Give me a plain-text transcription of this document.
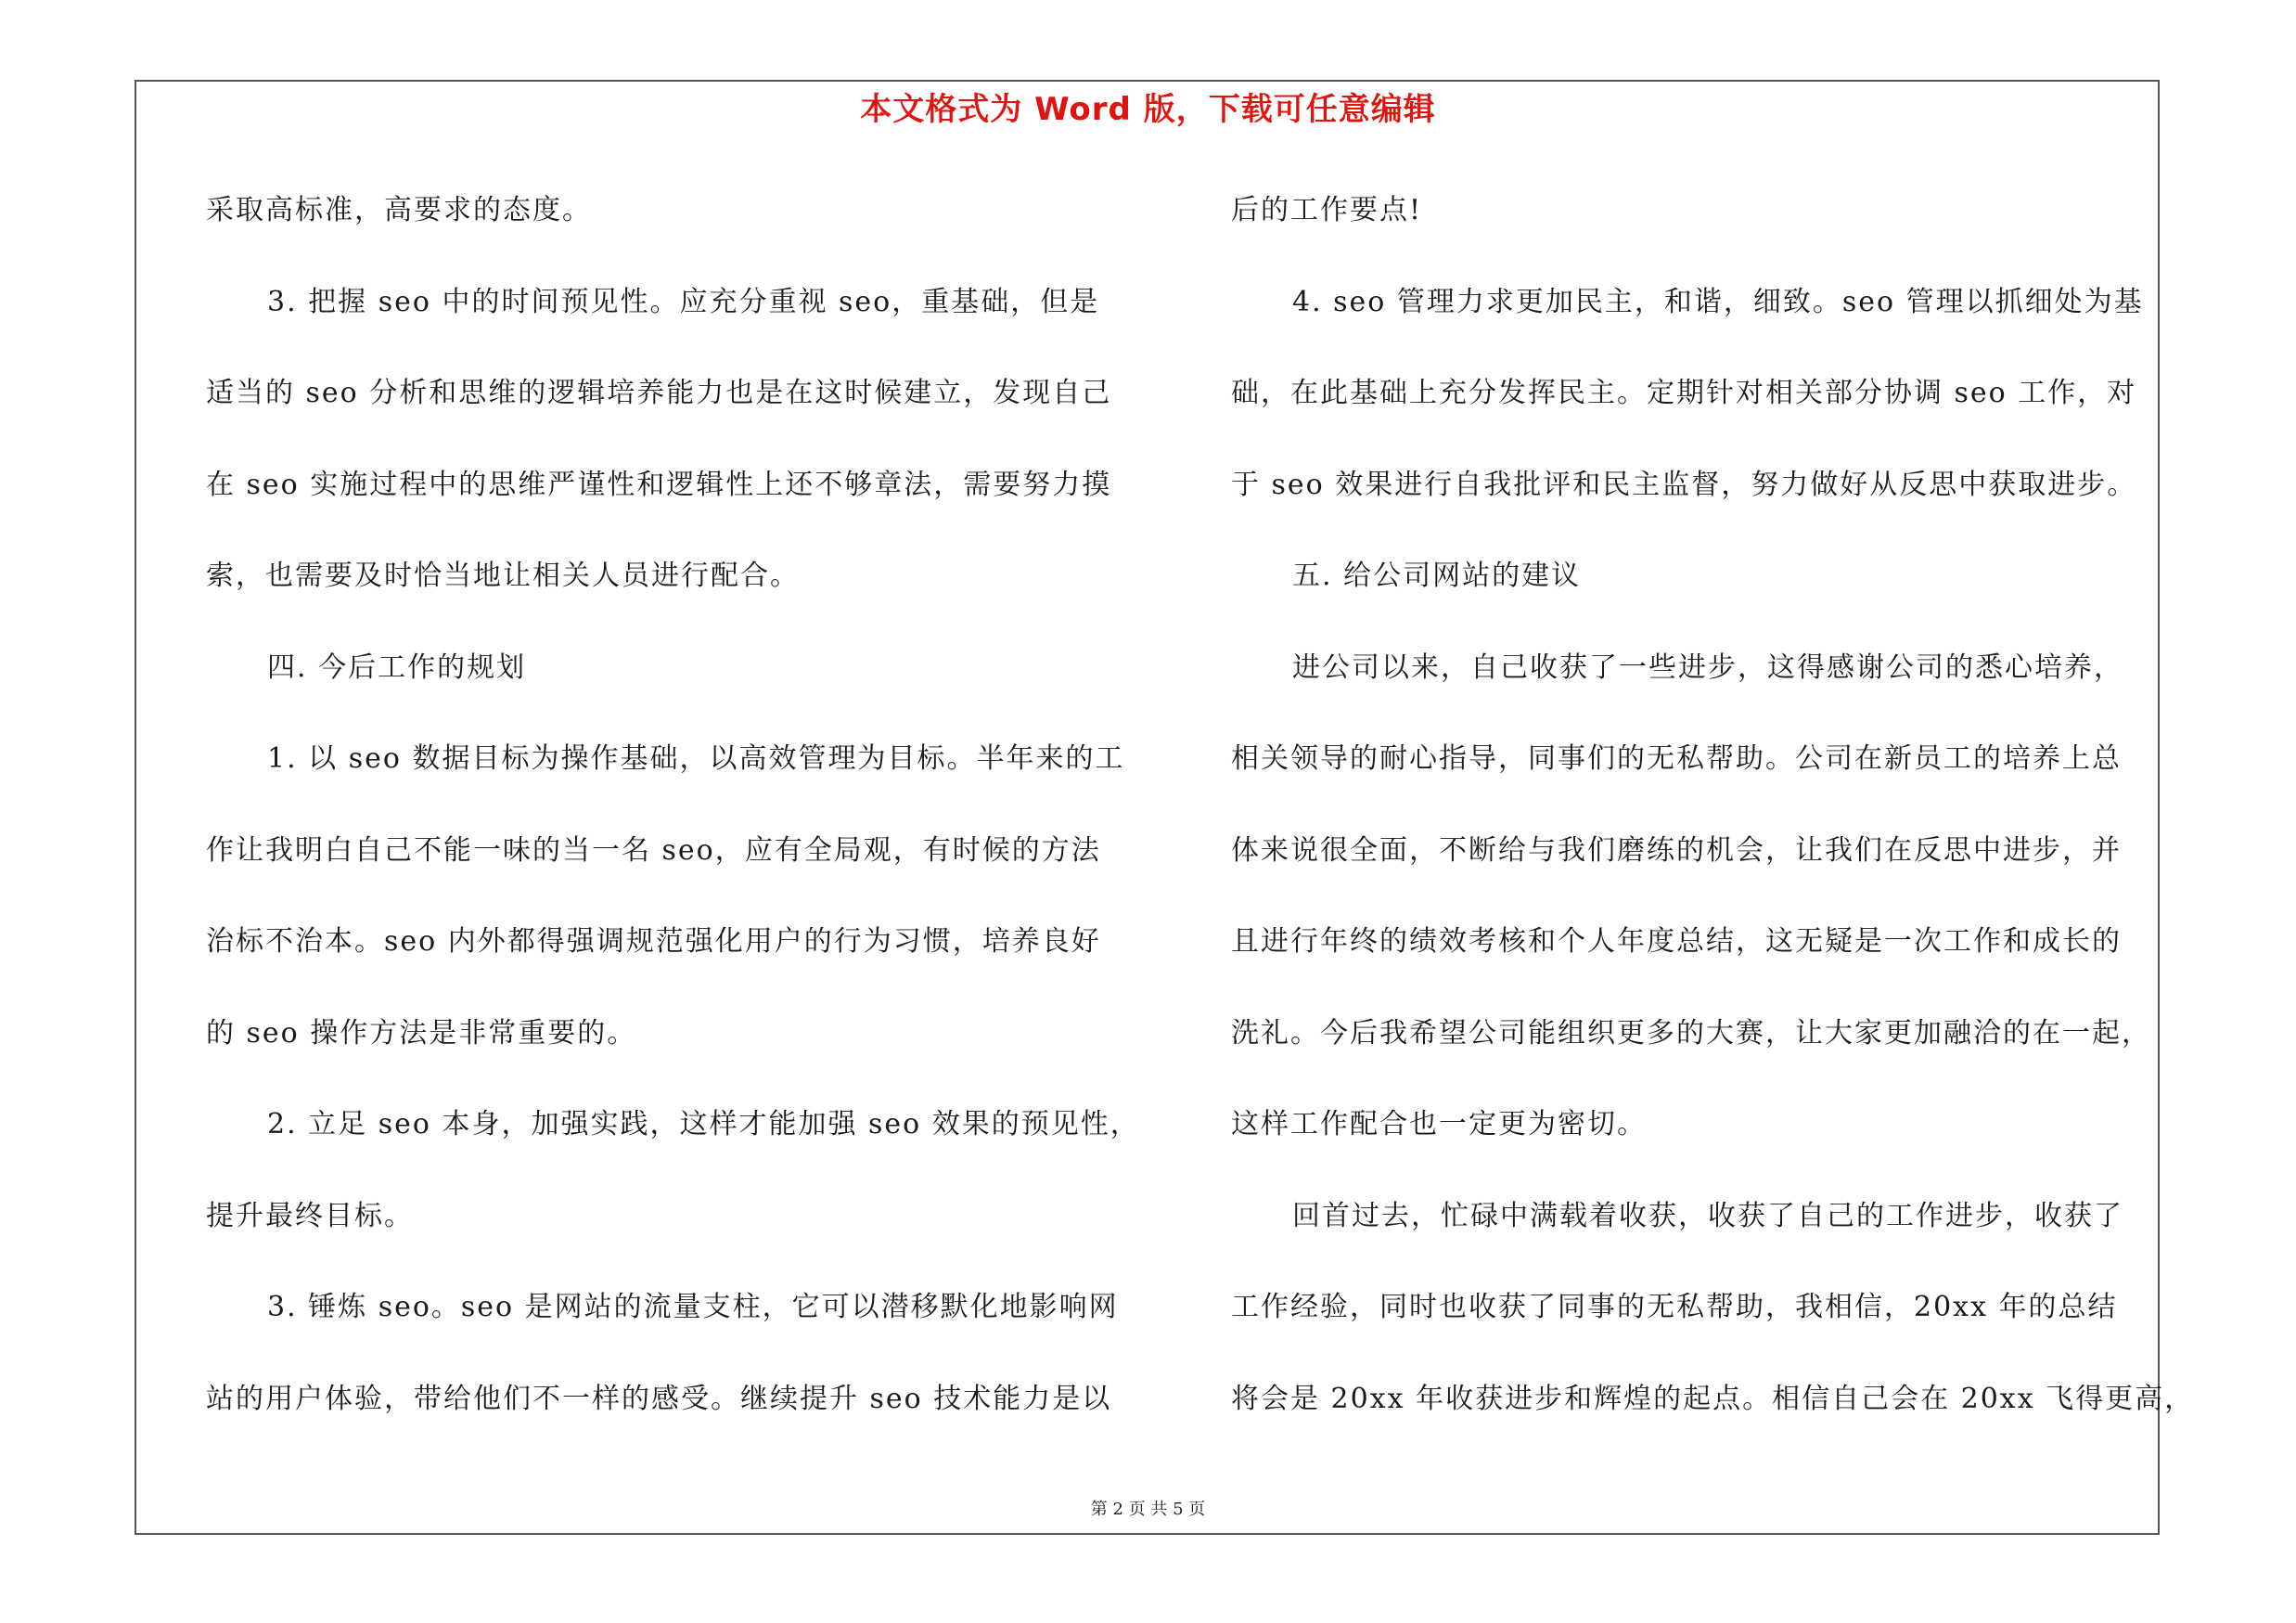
本文格式为 Word 版，下载可任意编辑
采取高标准，高要求的态度。
3. 把握 seo 中的时间预见性。应充分重视 seo，重基础，但是
适当的 seo 分析和思维的逻辑培养能力也是在这时候建立，发现自己
在 seo 实施过程中的思维严谨性和逻辑性上还不够章法，需要努力摸
索，也需要及时恰当地让相关人员进行配合。
四. 今后工作的规划
1. 以 seo 数据目标为操作基础，以高效管理为目标。半年来的工
作让我明白自己不能一味的当一名 seo，应有全局观，有时候的方法
治标不治本。seo 内外都得强调规范强化用户的行为习惯，培养良好
的 seo 操作方法是非常重要的。
2. 立足 seo 本身，加强实践，这样才能加强 seo 效果的预见性，
提升最终目标。
3. 锤炼 seo。seo 是网站的流量支柱，它可以潜移默化地影响网
站的用户体验，带给他们不一样的感受。继续提升 seo 技术能力是以
后的工作要点!
4. seo 管理力求更加民主，和谐，细致。seo 管理以抓细处为基
础，在此基础上充分发挥民主。定期针对相关部分协调 seo 工作，对
于 seo 效果进行自我批评和民主监督，努力做好从反思中获取进步。
五. 给公司网站的建议
进公司以来，自己收获了一些进步，这得感谢公司的悉心培养，
相关领导的耐心指导，同事们的无私帮助。公司在新员工的培养上总
体来说很全面，不断给与我们磨练的机会，让我们在反思中进步，并
且进行年终的绩效考核和个人年度总结，这无疑是一次工作和成长的
洗礼。今后我希望公司能组织更多的大赛，让大家更加融洽的在一起，
这样工作配合也一定更为密切。
回首过去，忙碌中满载着收获，收获了自己的工作进步，收获了
工作经验，同时也收获了同事的无私帮助，我相信，20xx 年的总结
将会是 20xx 年收获进步和辉煌的起点。相信自己会在 20xx 飞得更高，
第 2 页 共 5 页
